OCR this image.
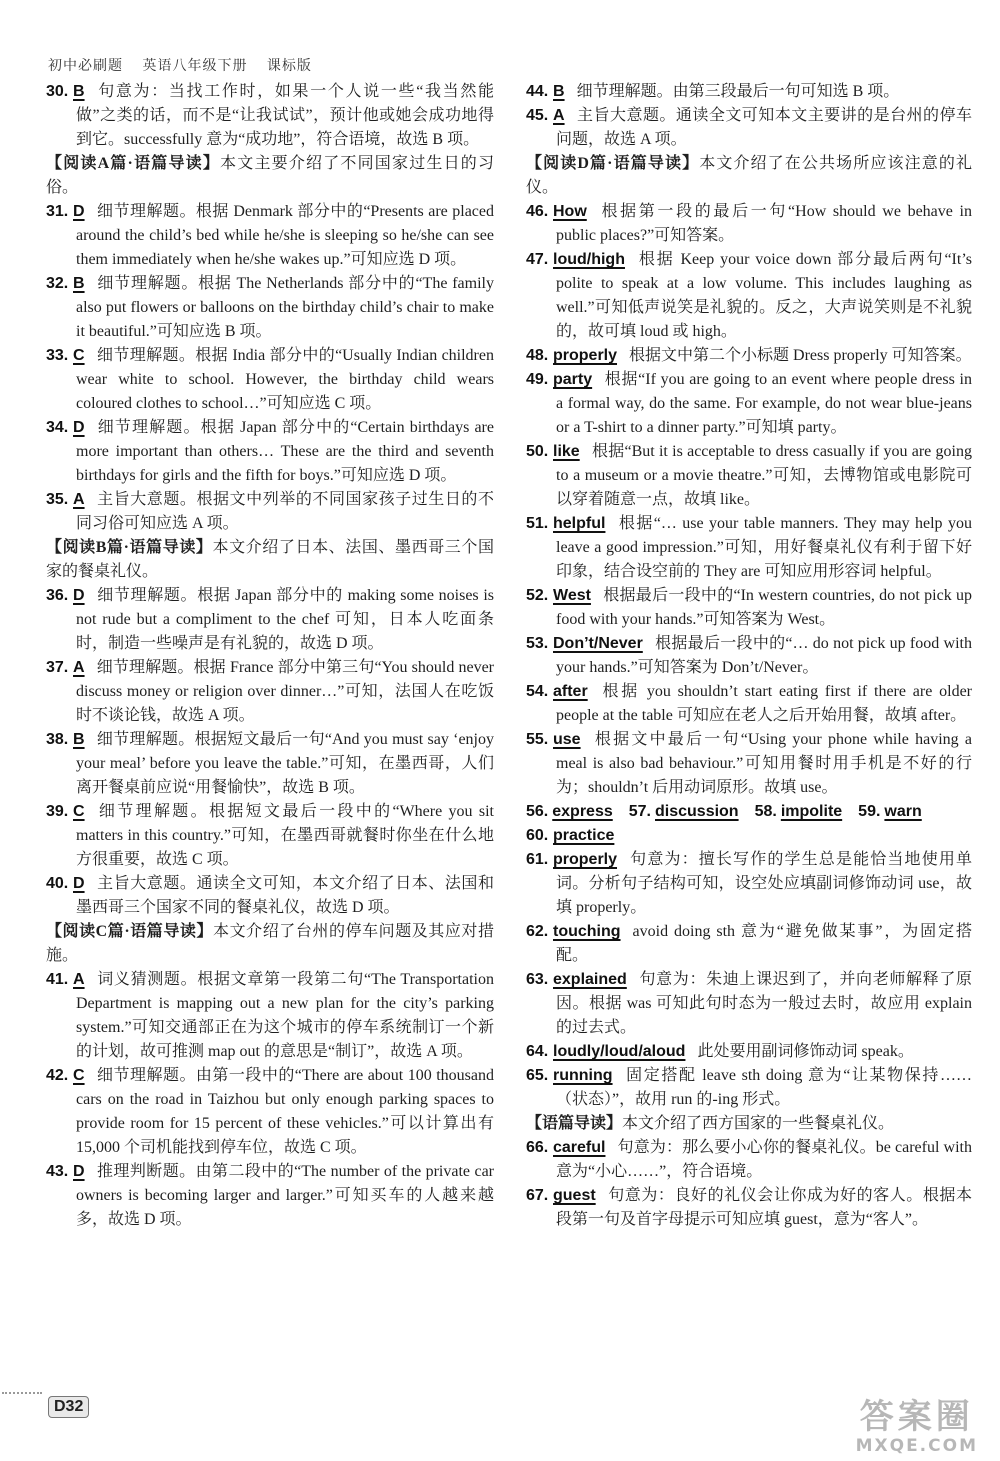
初中必刷题 英语八年级下册 课标版
30. B 句意为：当找工作时，如果一个人说一些“我当然能做”之类的话，而不是“让我试试”，预计他或她会成功地得到它。successfully 意为“成功地”，符合语境，故选 B 项。
【阅读A篇·语篇导读】本文主要介绍了不同国家过生日的习俗。
31. D 细节理解题。根据 Denmark 部分中的“Presents are placed around the child’s bed while he/she is sleeping so he/she can see them immediately when he/she wakes up.”可知应选 D 项。
32. B 细节理解题。根据 The Netherlands 部分中的“The family also put flowers or balloons on the birthday child’s chair to make it beautiful.”可知应选 B 项。
33. C 细节理解题。根据 India 部分中的“Usually Indian children wear white to school. However, the birthday child wears coloured clothes to school…”可知应选 C 项。
34. D 细节理解题。根据 Japan 部分中的“Certain birthdays are more important than others… These are the third and seventh birthdays for girls and the fifth for boys.”可知应选 D 项。
35. A 主旨大意题。根据文中列举的不同国家孩子过生日的不同习俗可知应选 A 项。
【阅读B篇·语篇导读】本文介绍了日本、法国、墨西哥三个国家的餐桌礼仪。
36. D 细节理解题。根据 Japan 部分中的 making some noises is not rude but a compliment to the chef 可知，日本人吃面条时，制造一些噪声是有礼貌的，故选 D 项。
37. A 细节理解题。根据 France 部分中第三句“You should never discuss money or religion over dinner…”可知，法国人在吃饭时不谈论钱，故选 A 项。
38. B 细节理解题。根据短文最后一句“And you must say ‘enjoy your meal’ before you leave the table.”可知，在墨西哥，人们离开餐桌前应说“用餐愉快”，故选 B 项。
39. C 细节理解题。根据短文最后一段中的“Where you sit matters in this country.”可知，在墨西哥就餐时你坐在什么地方很重要，故选 C 项。
40. D 主旨大意题。通读全文可知，本文介绍了日本、法国和墨西哥三个国家不同的餐桌礼仪，故选 D 项。
【阅读C篇·语篇导读】本文介绍了台州的停车问题及其应对措施。
41. A 词义猜测题。根据文章第一段第二句“The Transportation Department is mapping out a new plan for the city’s parking system.”可知交通部正在为这个城市的停车系统制订一个新的计划，故可推测 map out 的意思是“制订”，故选 A 项。
42. C 细节理解题。由第一段中的“There are about 100 thousand cars on the road in Taizhou but only enough parking spaces to provide room for 15 percent of these vehicles.”可以计算出有 15,000 个司机能找到停车位，故选 C 项。
43. D 推理判断题。由第二段中的“The number of the private car owners is becoming larger and larger.”可知买车的人越来越多，故选 D 项。
44. B 细节理解题。由第三段最后一句可知选 B 项。
45. A 主旨大意题。通读全文可知本文主要讲的是台州的停车问题，故选 A 项。
【阅读D篇·语篇导读】本文介绍了在公共场所应该注意的礼仪。
46. How 根据第一段的最后一句“How should we behave in public places?”可知答案。
47. loud/high 根据 Keep your voice down 部分最后两句“It’s polite to speak at a low volume. This includes laughing as well.”可知低声说笑是礼貌的。反之，大声说笑则是不礼貌的，故可填 loud 或 high。
48. properly 根据文中第二个小标题 Dress properly 可知答案。
49. party 根据“If you are going to an event where people dress in a formal way, do the same. For example, do not wear blue-jeans or a T-shirt to a dinner party.”可知填 party。
50. like 根据“But it is acceptable to dress casually if you are going to a museum or a movie theatre.”可知，去博物馆或电影院可以穿着随意一点，故填 like。
51. helpful 根据“… use your table manners. They may help you leave a good impression.”可知，用好餐桌礼仪有利于留下好印象，结合设空前的 They are 可知应用形容词 helpful。
52. West 根据最后一段中的“In western countries, do not pick up food with your hands.”可知答案为 West。
53. Don’t/Never 根据最后一段中的“… do not pick up food with your hands.”可知答案为 Don’t/Never。
54. after 根据 you shouldn’t start eating first if there are older people at the table 可知应在老人之后开始用餐，故填 after。
55. use 根据文中最后一句“Using your phone while having a meal is also bad behaviour.”可知用餐时用手机是不好的行为；shouldn’t 后用动词原形。故填 use。
56. express 57. discussion 58. impolite 59. warn
60. practice
61. properly 句意为：擅长写作的学生总是能恰当地使用单词。分析句子结构可知，设空处应填副词修饰动词 use，故填 properly。
62. touching avoid doing sth 意为“避免做某事”，为固定搭配。
63. explained 句意为：朱迪上课迟到了，并向老师解释了原因。根据 was 可知此句时态为一般过去时，故应用 explain 的过去式。
64. loudly/loud/aloud 此处要用副词修饰动词 speak。
65. running 固定搭配 leave sth doing 意为“让某物保持……（状态）”，故用 run 的-ing 形式。
【语篇导读】本文介绍了西方国家的一些餐桌礼仪。
66. careful 句意为：那么要小心你的餐桌礼仪。be careful with 意为“小心……”，符合语境。
67. guest 句意为：良好的礼仪会让你成为好的客人。根据本段第一句及首字母提示可知应填 guest，意为“客人”。
D32	答案圈
MXQE.COM
